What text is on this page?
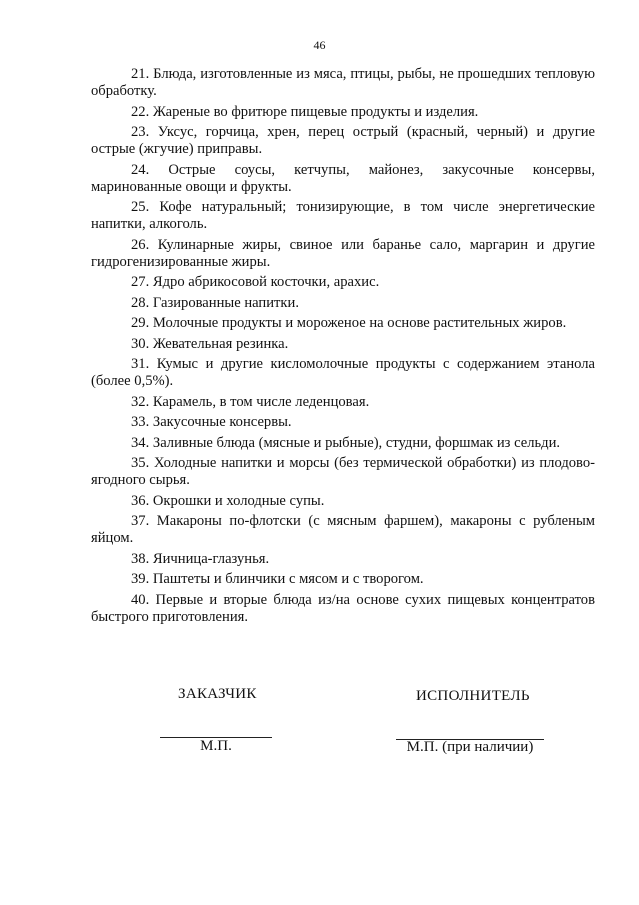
46

21. Блюда, изготовленные из мяса, птицы, рыбы, не прошедших тепловую обработку.

22. Жареные во фритюре пищевые продукты и изделия.

23. Уксус, горчица, хрен, перец острый (красный, черный) и другие острые (жгучие) приправы.

24. Острые соусы, кетчупы, майонез, закусочные консервы, маринованные овощи и фрукты.

25. Кофе натуральный; тонизирующие, в том числе энергетические напитки, алкоголь.

26. Кулинарные жиры, свиное или баранье сало, маргарин и другие гидрогенизированные жиры.

27. Ядро абрикосовой косточки, арахис.

28. Газированные напитки.

29. Молочные продукты и мороженое на основе растительных жиров.

30. Жевательная резинка.

31. Кумыс и другие кисломолочные продукты с содержанием этанола (более 0,5%).

32. Карамель, в том числе леденцовая.

33. Закусочные консервы.

34. Заливные блюда (мясные и рыбные), студни, форшмак из сельди.

35. Холодные напитки и морсы (без термической обработки) из плодово-ягодного сырья.

36. Окрошки и холодные супы.

37. Макароны по-флотски (с мясным фаршем), макароны с рубленым яйцом.

38. Яичница-глазунья.

39. Паштеты и блинчики с мясом и с творогом.

40. Первые и вторые блюда из/на основе сухих пищевых концентратов быстрого приготовления.

ЗАКАЗЧИК
М.П.
ИСПОЛНИТЕЛЬ
М.П. (при наличии)
